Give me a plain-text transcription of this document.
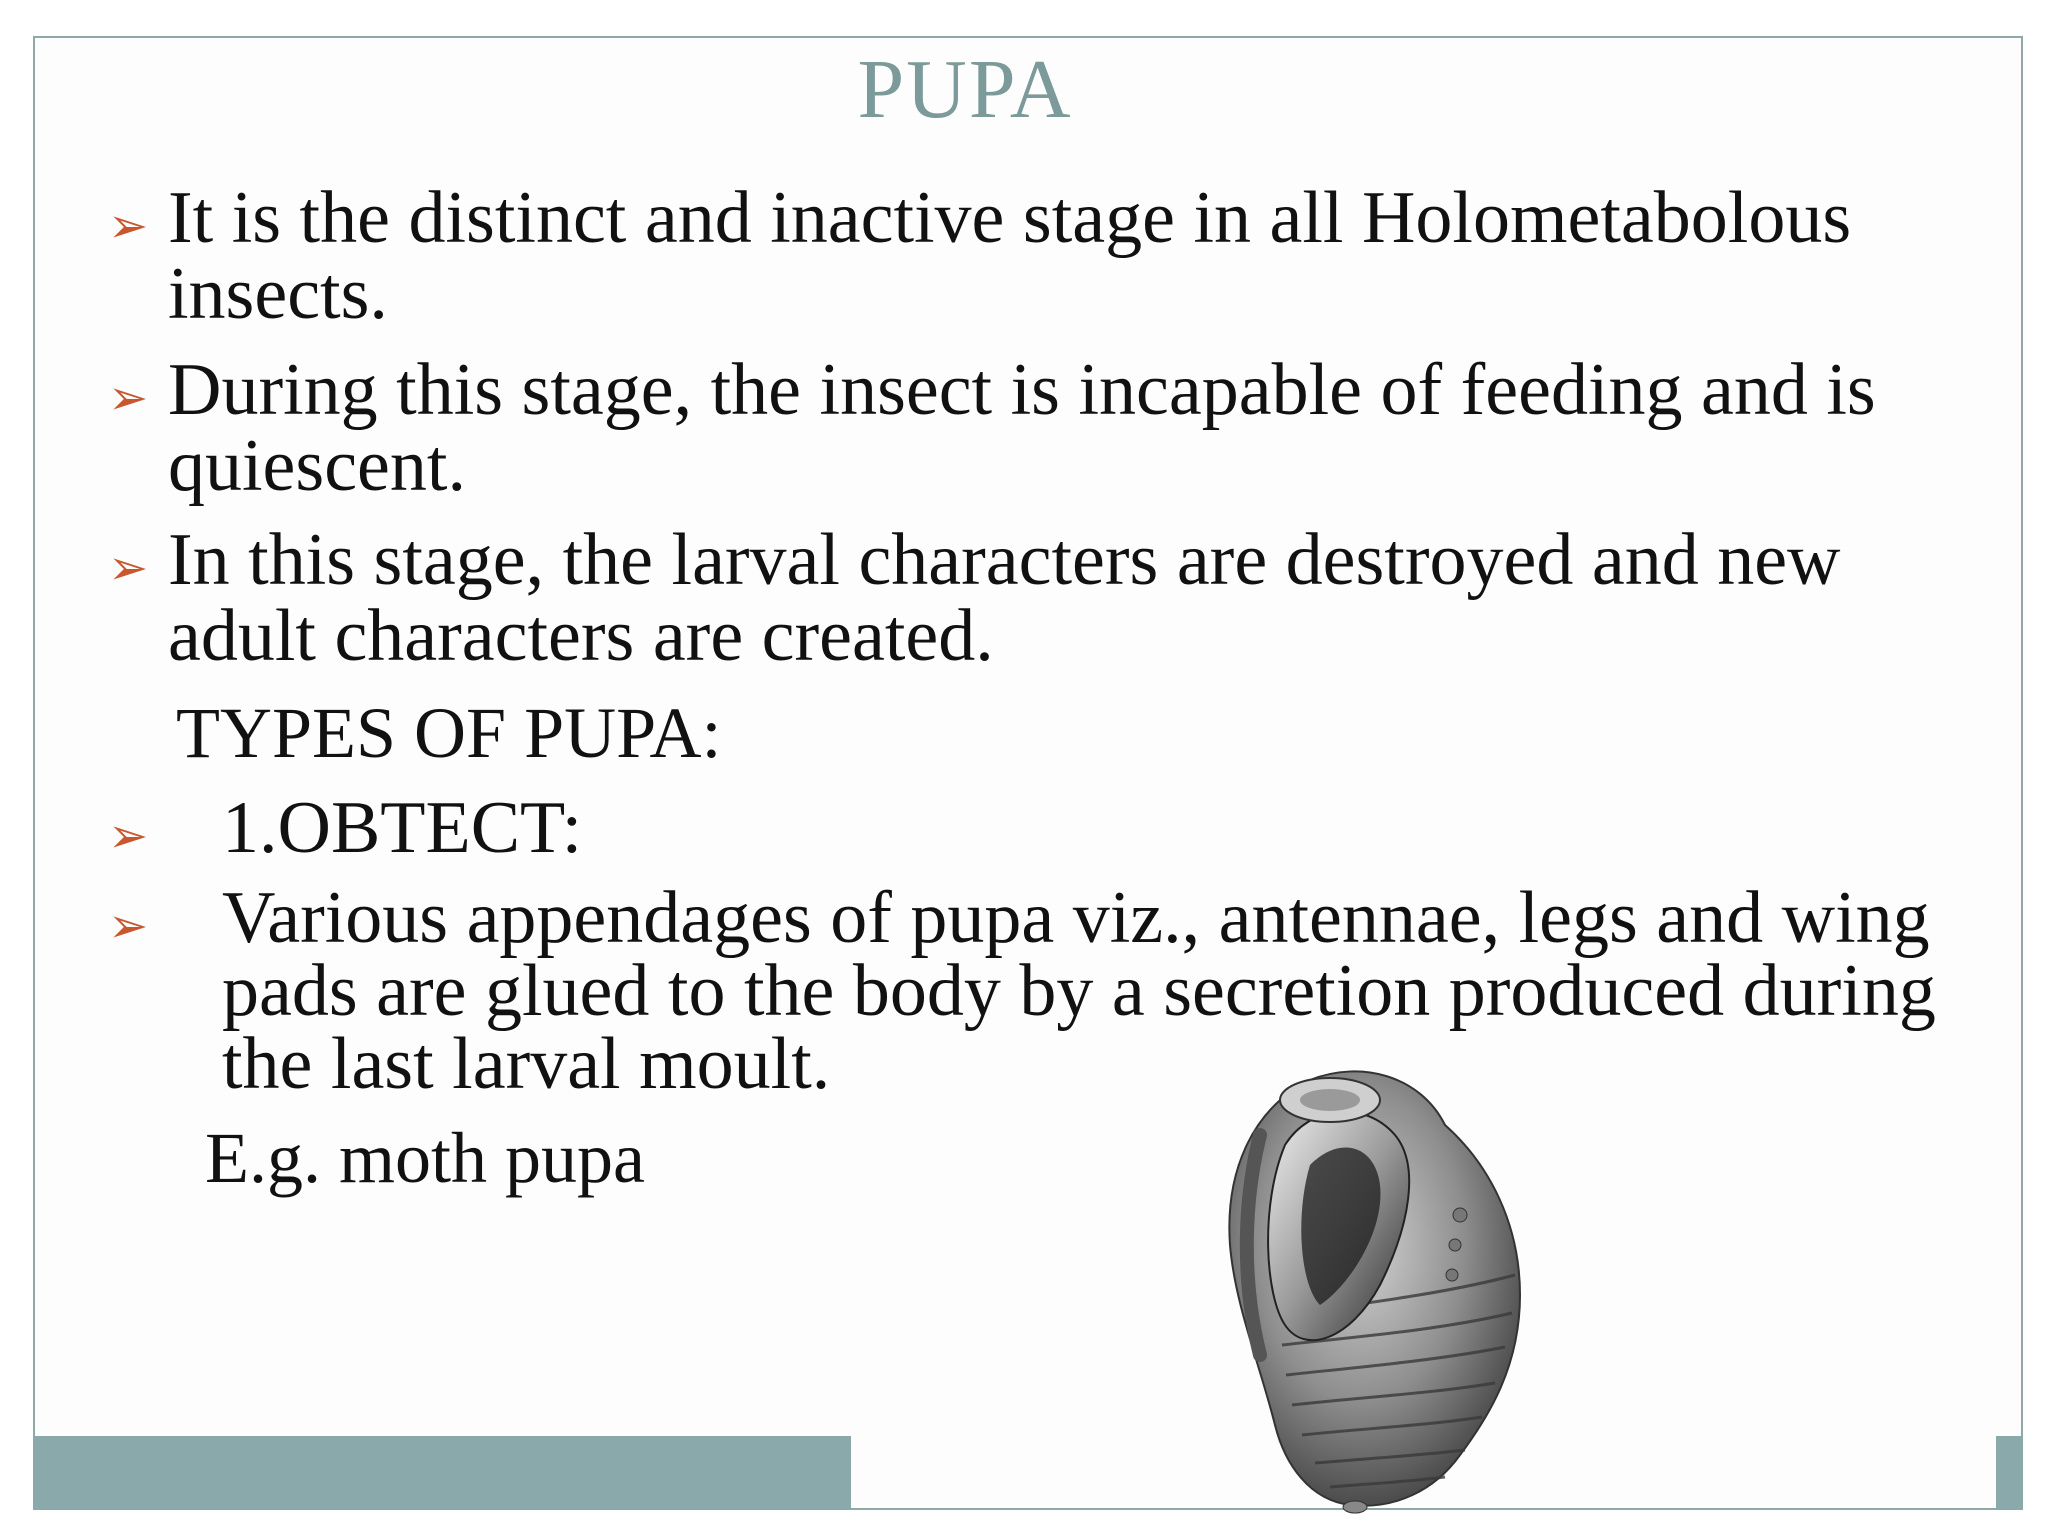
PUPA
➢ It is the distinct and inactive stage in all Holometabolous
insects.
➢ During this stage, the insect is incapable of feeding and is
quiescent.
➢ In this stage, the larval characters are destroyed and new
adult characters are created.
TYPES OF PUPA:
➢ 1.OBTECT:
➢ Various appendages of pupa viz., antennae, legs and wing
pads are glued to the body by a secretion produced during
the last larval moult.
E.g. moth pupa
